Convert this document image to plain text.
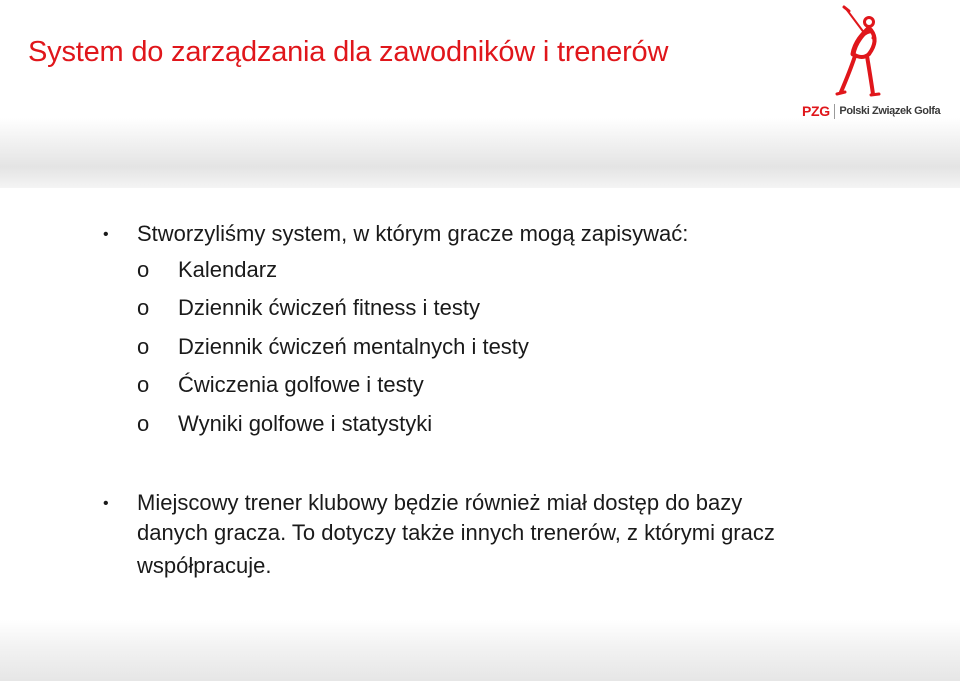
System do zarządzania dla zawodników i trenerów
PZG Polski Związek Golfa
• Stworzyliśmy system, w którym gracze mogą zapisywać:
o Kalendarz
o Dziennik ćwiczeń fitness i testy
o Dziennik ćwiczeń mentalnych i testy
o Ćwiczenia golfowe i testy
o Wyniki golfowe i statystyki
• Miejscowy trener klubowy będzie również miał dostęp do bazy
danych gracza. To dotyczy także innych trenerów, z którymi gracz
współpracuje.
